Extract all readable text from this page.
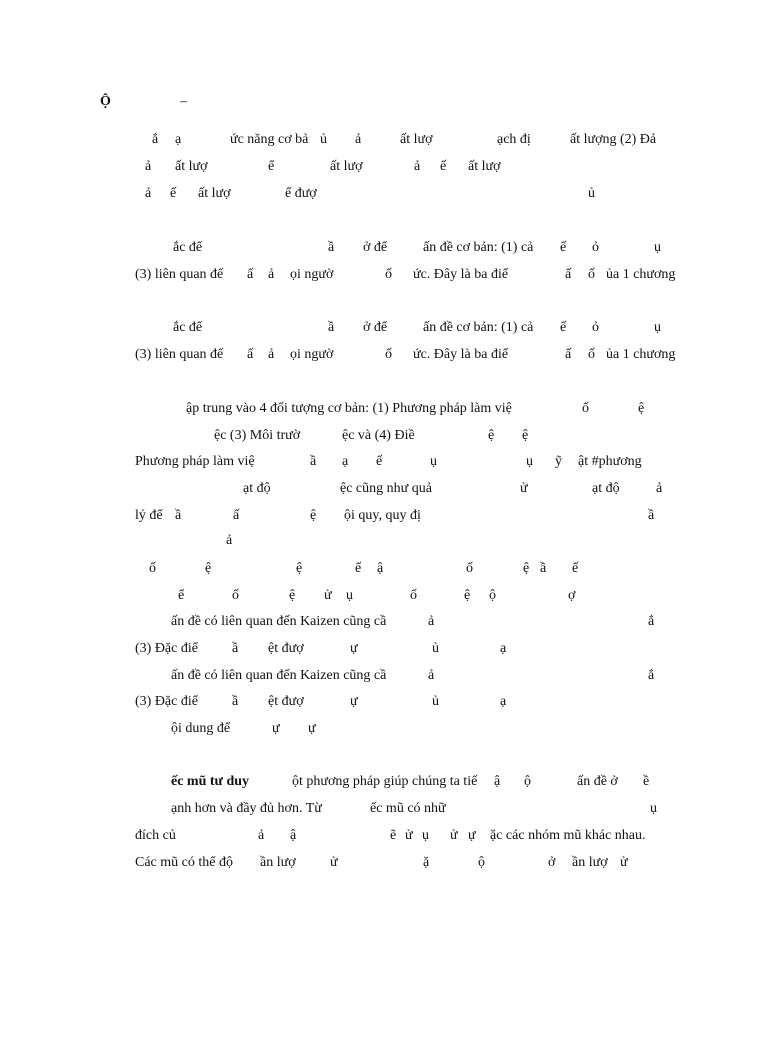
Ộ

	–

ắ

ạ

	ức năng cơ bả

ủ

ả

	ất lượ

	ạch đị

	ất lượng (2) Đả

ả

ất lượ

	ể

	ất lượ

	ả

ế

ất lượ

ả

ế

ất lượ

	ể đượ

	ủ

ắc để

	ầ

ở để

	ấn đề cơ bản: (1) cả

ế

ỏ

	ụ

(3) liên quan đế

ấ

ả

ọi ngườ

	ố

ức. Đây là ba điể

	ấ

ố

ủa 1 chương

ắc để

	ầ

ở để

	ấn đề cơ bản: (1) cả

ế

ỏ

	ụ

(3) liên quan đế

ấ

ả

ọi ngườ

	ố

ức. Đây là ba điể

	ấ

ố

ủa 1 chương

ập trung vào 4 đối tượng cơ bản: (1) Phương pháp làm việ

	ố

	ệ

ệc (3) Môi trườ

	ệc và (4) Điề

	ệ

ệ

Phương pháp làm việ

	ầ

ạ

ế

	ụ

	ụ

ỹ

ật #phương

ạt độ

	ệc cũng như quả

	ử

	ạt độ

	ả

lý để

ầ

	ấ

	ệ

ội quy, quy đị

	ầ

ả

ố

	ệ

	ệ

	ế

ậ

	ố

	ệ

ầ

ế

ể

	ố

	ệ

ử

ụ

	ố

	ệ

ộ

	ợ

ấn đề có liên quan đến Kaizen cũng cầ

	ả

	ắ

(3) Đặc điể

ầ

ệt đượ

	ự

	ủ

	ạ

ấn đề có liên quan đến Kaizen cũng cầ

	ả

	ắ

(3) Đặc điể

ầ

ệt đượ

	ự

	ủ

	ạ

ội dung để

	ự

ự

ếc mũ tư duy

	ột phương pháp giúp chúng ta tiế

ậ

ộ

	ấn đề ở

ề

ạnh hơn và đầy đủ hơn. Từ

	ếc mũ có nhữ

	ụ

đích củ

	ả

ậ

	ẽ

ử

ụ

ử

ự

ặc các nhóm mũ khác nhau.

Các mũ có thể độ

ần lượ

ử

	ặ

	ộ

	ở

ần lượ

ử
